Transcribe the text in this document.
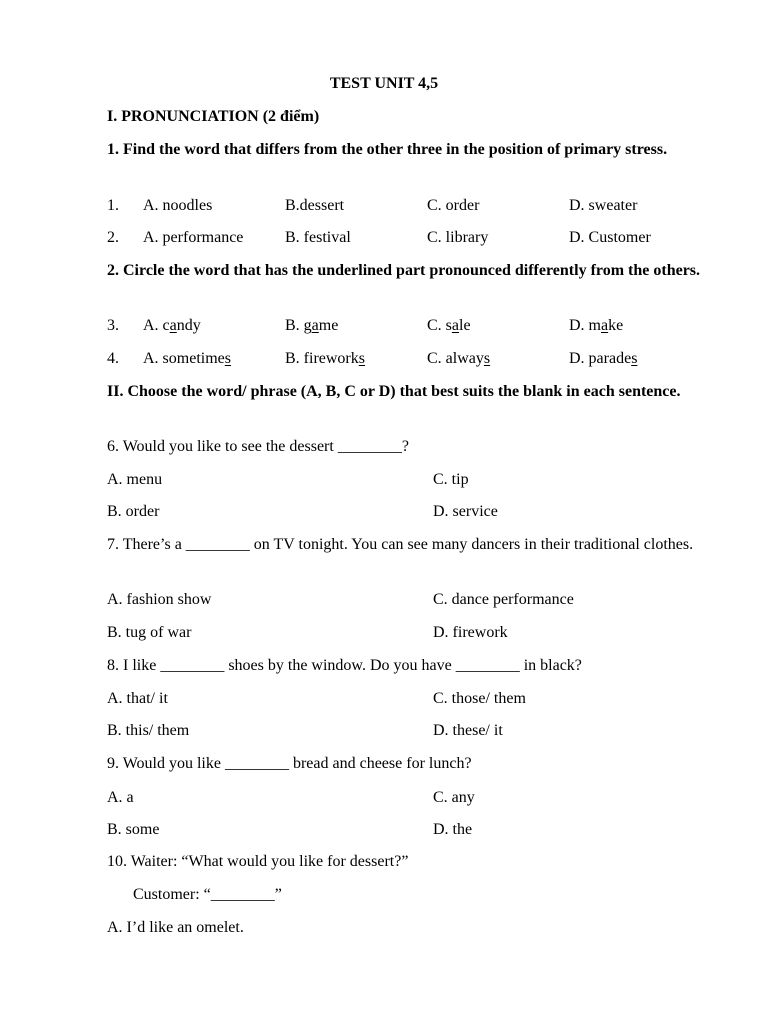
TEST UNIT 4,5
I. PRONUNCIATION (2 điểm)
1. Find the word that differs from the other three in the position of primary stress.
1. A. noodles	B.dessert	C. order	D. sweater
2. A. performance	B. festival	C. library	D. Customer
2. Circle the word that has the underlined part pronounced differently from the others.
3. A. candy	B. game	C. sale	D. make
4. A. sometimes	B. fireworks	C. always	D. parades
II. Choose the word/ phrase (A, B, C or D) that best suits the blank in each sentence.
6. Would you like to see the dessert ________?
A. menu	C. tip
B. order	D. service
7. There’s a ________ on TV tonight. You can see many dancers in their traditional clothes.
A. fashion show	C. dance performance
B. tug of war	D. firework
8. I like ________ shoes by the window. Do you have ________ in black?
A. that/ it	C. those/ them
B. this/ them	D. these/ it
9. Would you like ________ bread and cheese for lunch?
A. a	C. any
B. some	D. the
10. Waiter: “What would you like for dessert?”
Customer: “________”
A. I’d like an omelet.
